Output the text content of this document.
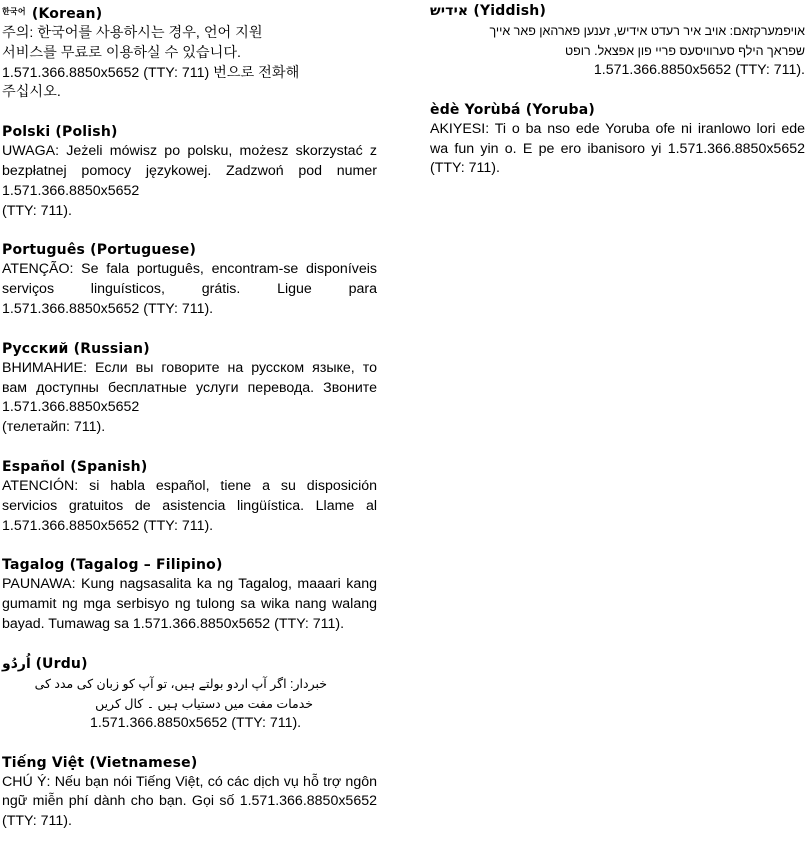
$^{한국어}$ (Korean)

주의: 한국어를 사용하시는 경우, 언어 지원
서비스를 무료로 이용하실 수 있습니다.
1.571.366.8850x5652 (TTY: 711) 번으로 전화해
주십시오.

Polski (Polish)

UWAGA: Jeżeli mówisz po polsku, możesz skorzystać z bezpłatnej pomocy językowej. Zadzwoń pod numer 1.571.366.8850x5652

(TTY: 711).

Português (Portuguese)

ATENÇÃO: Se fala português, encontram-se disponíveis serviços linguísticos, grátis. Ligue para 1.571.366.8850x5652 (TTY: 711).

Русский (Russian)

ВНИМАНИЕ: Если вы говорите на русском языке, то вам доступны бесплатные услуги перевода. Звоните 1.571.366.8850x5652

(телетайп: 711).

Español (Spanish)

ATENCIÓN: si habla español, tiene a su disposición servicios gratuitos de asistencia lingüística. Llame al 1.571.366.8850x5652 (TTY: 711).

Tagalog (Tagalog – Filipino)

PAUNAWA: Kung nagsasalita ka ng Tagalog, maaari kang gumamit ng mga serbisyo ng tulong sa wika nang walang bayad. Tumawag sa 1.571.366.8850x5652 (TTY: 711).

اُردُو (Urdu)

خبردار: اگر آپ اردو بولتے ہیں، تو آپ کو زبان کی مدد کی

خدمات مفت میں دستیاب ہیں ۔ کال کریں

1.571.366.8850x5652 (TTY: 711).

Tiếng Việt (Vietnamese)

CHÚ Ý: Nếu bạn nói Tiếng Việt, có các dịch vụ hỗ trợ ngôn ngữ miễn phí dành cho bạn. Gọi số 1.571.366.8850x5652 (TTY: 711).

אידיש (Yiddish)

אויפמערקזאם: אויב איר רעדט אידיש, זענען פארהאן פאר אייך

שפראך הילף סערוויסעס פריי פון אפצאל. רופט

1.571.366.8850x5652 (TTY: 711).

èdè Yorùbá (Yoruba)

AKIYESI: Ti o ba nso ede Yoruba ofe ni iranlowo lori ede wa fun yin o. E pe ero ibanisoro yi 1.571.366.8850x5652 (TTY: 711).
